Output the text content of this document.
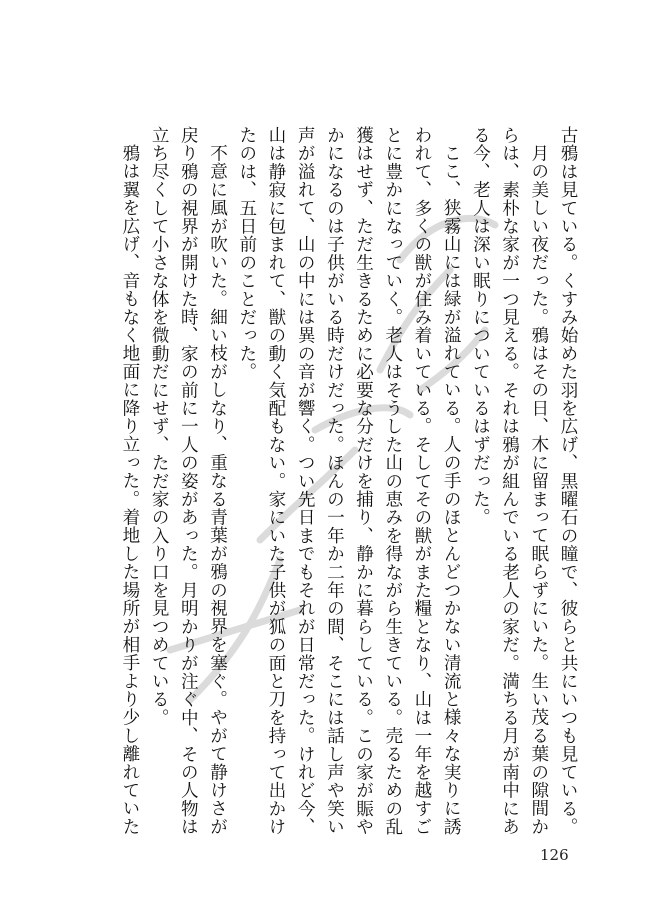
古鴉は見ている。くすみ始めた羽を広げ、黒曜石の瞳で、彼らと共にいつも見ている。

月の美しい夜だった。鴉はその日、木に留まって眠らずにいた。生い茂る葉の隙間からは、素朴な家が一つ見える。それは鴉が組んでいる老人の家だ。満ちる月が南中にある今、老人は深い眠りについているはずだった。

ここ、狭霧山には緑が溢れている。人の手のほとんどつかない清流と様々な実りに誘われて、多くの獣が住み着いている。そしてその獣がまた糧となり、山は一年を越すごとに豊かになっていく。老人はそうした山の恵みを得ながら生きている。売るための乱獲はせず、ただ生きるために必要な分だけを捕り、静かに暮らしている。この家が賑やかになるのは子供がいる時だけだった。ほんの一年か二年の間、そこには話し声や笑い声が溢れて、山の中には異の音が響く。つい先日までもそれが日常だった。けれど今、山は静寂に包まれて、獣の動く気配もない。家にいた子供が狐の面と刀を持って出かけたのは、五日前のことだった。

不意に風が吹いた。細い枝がしなり、重なる青葉が鴉の視界を塞ぐ。やがて静けさが戻り鴉の視界が開けた時、家の前に一人の姿があった。月明かりが注ぐ中、その人物は立ち尽くして小さな体を微動だにせず、ただ家の入り口を見つめている。

鴉は翼を広げ、音もなく地面に降り立った。着地した場所が相手より少し離れていた

126
